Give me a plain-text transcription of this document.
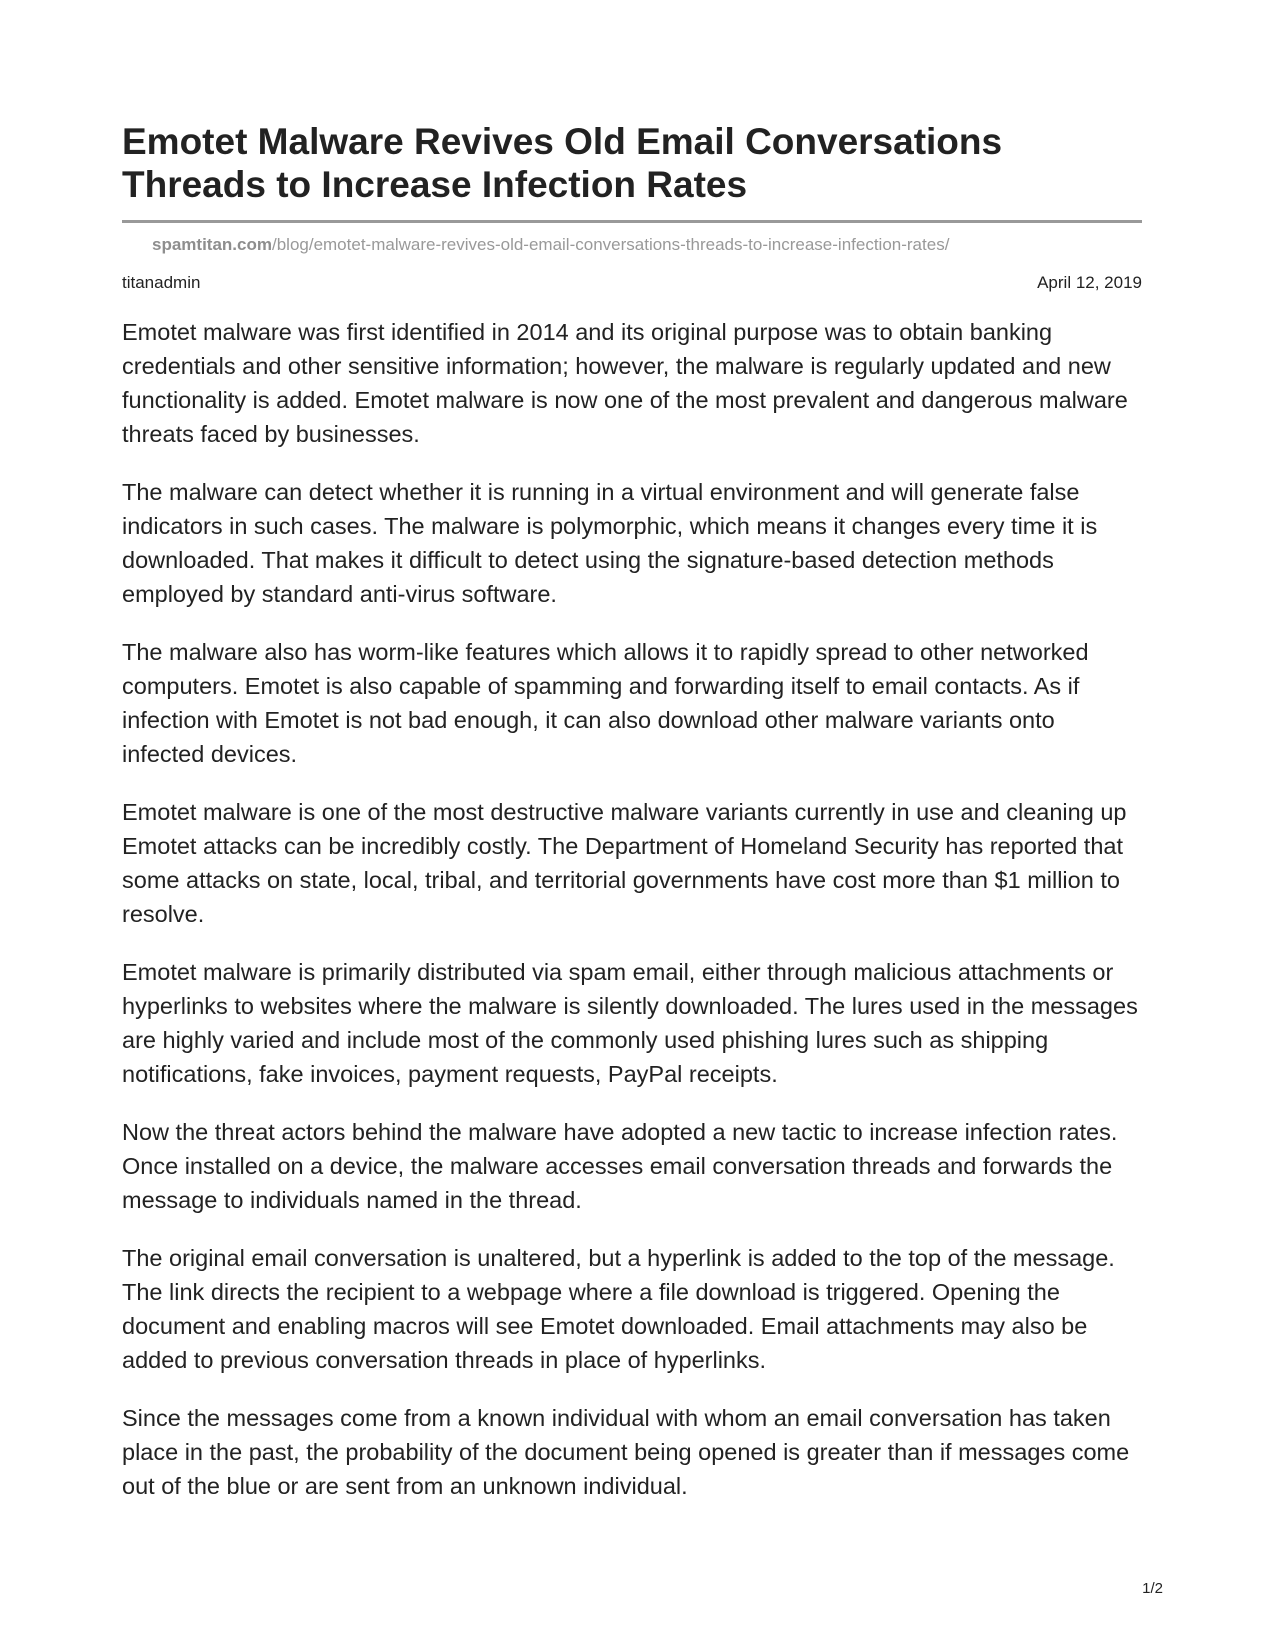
Emotet Malware Revives Old Email Conversations
Threads to Increase Infection Rates
spamtitan.com/blog/emotet-malware-revives-old-email-conversations-threads-to-increase-infection-rates/
titanadmin	April 12, 2019

Emotet malware was first identified in 2014 and its original purpose was to obtain banking credentials and other sensitive information; however, the malware is regularly updated and new functionality is added. Emotet malware is now one of the most prevalent and dangerous malware threats faced by businesses.

The malware can detect whether it is running in a virtual environment and will generate false indicators in such cases. The malware is polymorphic, which means it changes every time it is downloaded. That makes it difficult to detect using the signature-based detection methods employed by standard anti-virus software.

The malware also has worm-like features which allows it to rapidly spread to other networked computers. Emotet is also capable of spamming and forwarding itself to email contacts. As if infection with Emotet is not bad enough, it can also download other malware variants onto infected devices.

Emotet malware is one of the most destructive malware variants currently in use and cleaning up Emotet attacks can be incredibly costly. The Department of Homeland Security has reported that some attacks on state, local, tribal, and territorial governments have cost more than $1 million to resolve.

Emotet malware is primarily distributed via spam email, either through malicious attachments or hyperlinks to websites where the malware is silently downloaded. The lures used in the messages are highly varied and include most of the commonly used phishing lures such as shipping notifications, fake invoices, payment requests, PayPal receipts.

Now the threat actors behind the malware have adopted a new tactic to increase infection rates. Once installed on a device, the malware accesses email conversation threads and forwards the message to individuals named in the thread.

The original email conversation is unaltered, but a hyperlink is added to the top of the message. The link directs the recipient to a webpage where a file download is triggered. Opening the document and enabling macros will see Emotet downloaded. Email attachments may also be added to previous conversation threads in place of hyperlinks.

Since the messages come from a known individual with whom an email conversation has taken place in the past, the probability of the document being opened is greater than if messages come out of the blue or are sent from an unknown individual.

1/2
